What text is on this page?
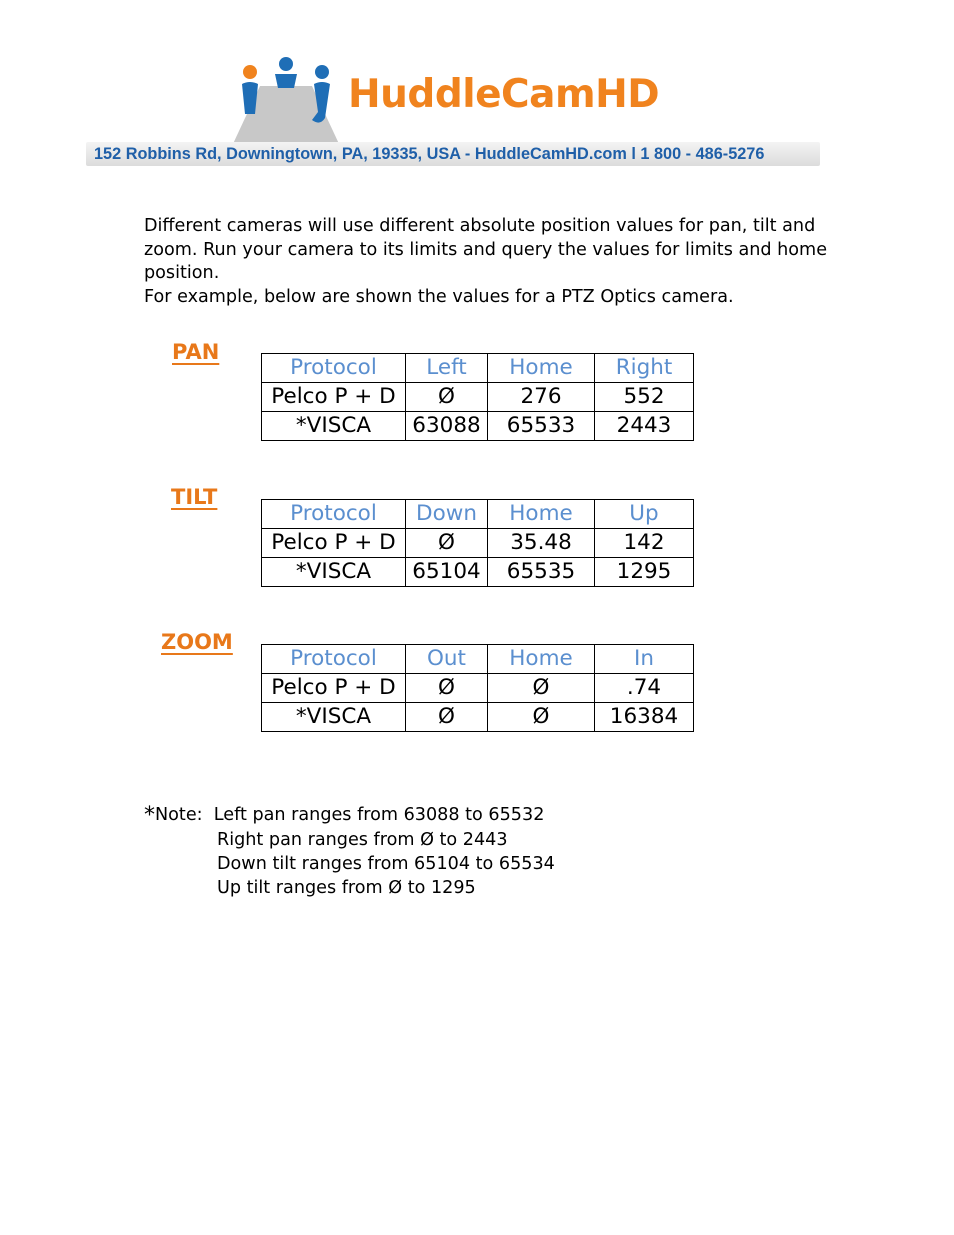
HuddleCamHD
152 Robbins Rd, Downingtown, PA, 19335, USA - HuddleCamHD.com l 1 800 - 486-5276

Different cameras will use different absolute position values for pan, tilt and zoom. Run your camera to its limits and query the values for limits and home position.

For example, below are shown the values for a PTZ Optics camera.

PAN
Protocol	Left	Home	Right
Pelco P + D	Ø	276	552
*VISCA	63088	65533	2443
TILT
Protocol	Down	Home	Up
Pelco P + D	Ø	35.48	142
*VISCA	65104	65535	1295
ZOOM
Protocol	Out	Home	In
Pelco P + D	Ø	Ø	.74
*VISCA	Ø	Ø	16384
*Note: Left pan ranges from 63088 to 65532
Right pan ranges from Ø to 2443
Down tilt ranges from 65104 to 65534
Up tilt ranges from Ø to 1295
